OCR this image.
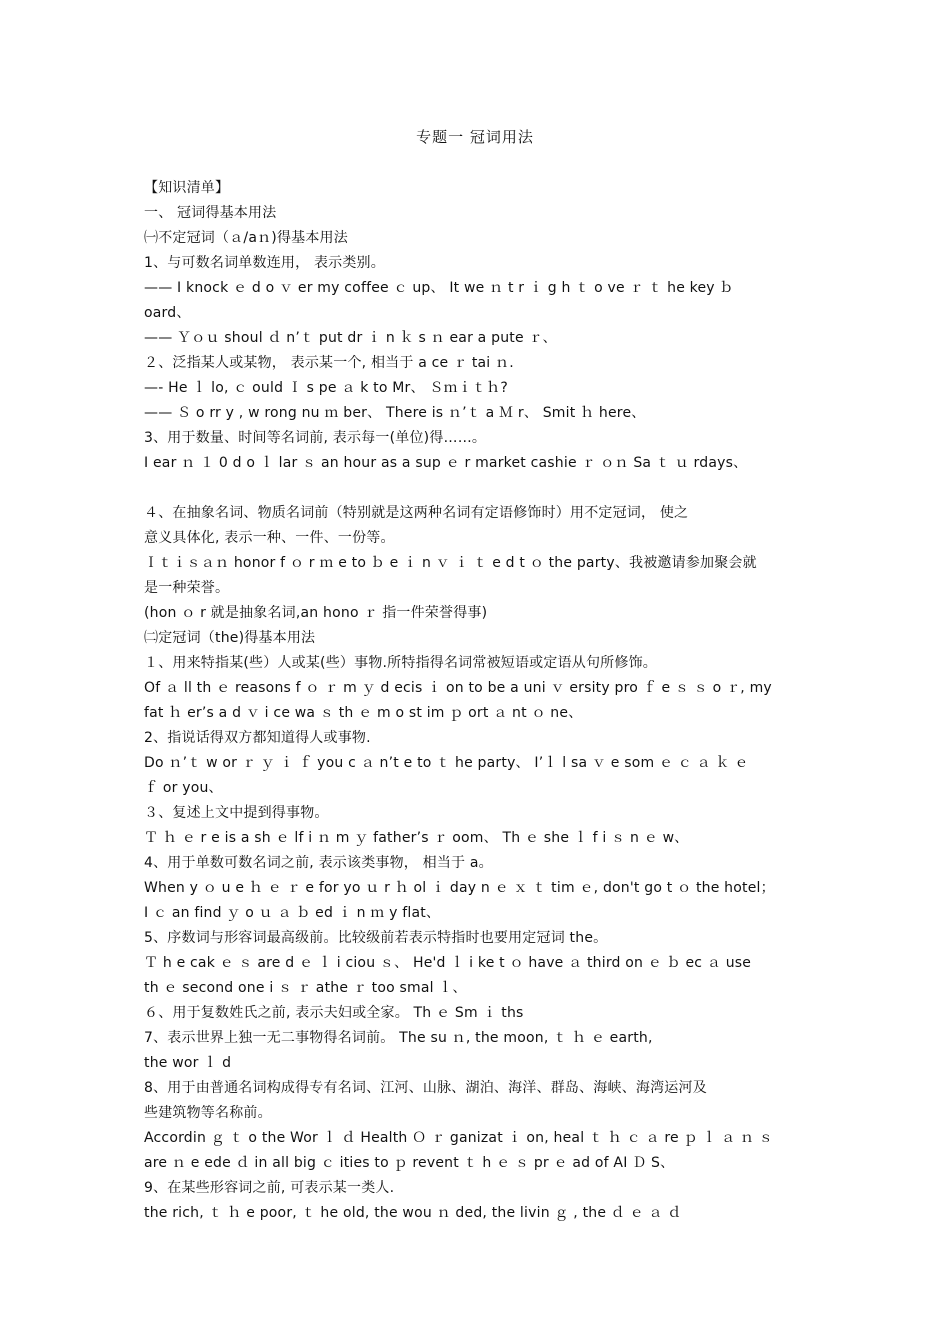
专题一 冠词用法
【知识清单】
一、 冠词得基本用法
㈠不定冠词（ａ/aｎ)得基本用法
1、与可数名词单数连用， 表示类别。
—— I knock ｅ d o ｖ er my coffee ｃ up、 It we ｎ t r ｉ g h ｔ o ve ｒ ｔ he key ｂ
oard、
—— Ｙｏｕ shoul ｄ n’ｔ put dr ｉ n ｋ s ｎ ear a pute ｒ、
２、泛指某人或某物， 表示某一个, 相当于 a ce ｒ tai ｎ.
—- He ｌ lo, ｃ ould Ｉ s pe ａ k to Mr、 Ｓｍｉｔｈ?
—— Ｓ o rr y , w rong nu ｍ ber、 There is ｎ’ｔ a Ｍ r、 Smit ｈ here、
3、用于数量、时间等名词前, 表示每一(单位)得……。
I ear ｎ １ 0 d o ｌ lar ｓ an hour as a sup ｅ r market cashie ｒ ｏｎ Sa ｔ ｕ rdays、

４、在抽象名词、物质名词前（特别就是这两种名词有定语修饰时）用不定冠词， 使之
意义具体化, 表示一种、一件、一份等。
Ｉｔｉｓａｎ honor f ｏ r ｍ e to ｂ e ｉ n ｖ ｉ ｔ e d t ｏ the party、我被邀请参加聚会就
是一种荣誉。
(hon ｏ r 就是抽象名词,an hono ｒ 指一件荣誉得事)
㈡定冠词（the)得基本用法
１、用来特指某(些）人或某(些）事物.所特指得名词常被短语或定语从句所修饰。
Of ａ ll th ｅ reasons f ｏ ｒ m ｙ d ecis ｉ on to be a uni ｖ ersity pro ｆ e ｓ ｓ o ｒ, my
fat ｈ er’s a d ｖ i ce wa ｓ th ｅ m o st im ｐ ort ａ nt ｏ ne、
2、指说话得双方都知道得人或事物.
Do ｎ’ｔ w or ｒ ｙ ｉ ｆ you c ａ n’t e to ｔ he party、 I’ｌ l sa ｖ e som ｅ ｃ ａ ｋ ｅ
ｆ or you、
３、复述上文中提到得事物。
Ｔ ｈ ｅ r e is a sh ｅ lf i ｎ m ｙ father’s ｒ oom、 Th ｅ she ｌ f i ｓ n ｅ w、
4、用于单数可数名词之前, 表示该类事物， 相当于 a。
When y ｏ u e ｈ ｅ ｒ e for yo ｕ r ｈ ol ｉ day n ｅ ｘ ｔ tim ｅ, don't go t ｏ the hotel；
I ｃ an find ｙ o ｕ ａ ｂ ed ｉ n ｍ y flat、
5、序数词与形容词最高级前。比较级前若表示特指时也要用定冠词 the。
Ｔ h e cak ｅ ｓ are d ｅ ｌ i ciou ｓ、 He'd ｌ i ke t ｏ have ａ third on ｅ ｂ ec ａ use
th ｅ second one i ｓ ｒ athe ｒ too smal ｌ、
６、用于复数姓氏之前, 表示夫妇或全家。 Th ｅ Sm ｉ ths
7、表示世界上独一无二事物得名词前。 The su ｎ, the moon, ｔ ｈ ｅ earth,
the wor ｌ d
8、用于由普通名词构成得专有名词、江河、山脉、湖泊、海洋、群岛、海峡、海湾运河及
些建筑物等名称前。
Accordin ｇ ｔ o the Wor ｌ ｄ Health Ｏ ｒ ganizat ｉ on, heal ｔ ｈ ｃ ａ re ｐ ｌ ａ ｎ ｓ
are ｎ e ede ｄ in all big ｃ ities to ｐ revent ｔ h ｅ ｓ pr ｅ ad of AI Ｄ S、
9、在某些形容词之前, 可表示某一类人.
the rich, ｔ ｈ e poor, ｔ he old, the wou ｎ ded, the livin ｇ , the ｄ ｅ ａ ｄ
